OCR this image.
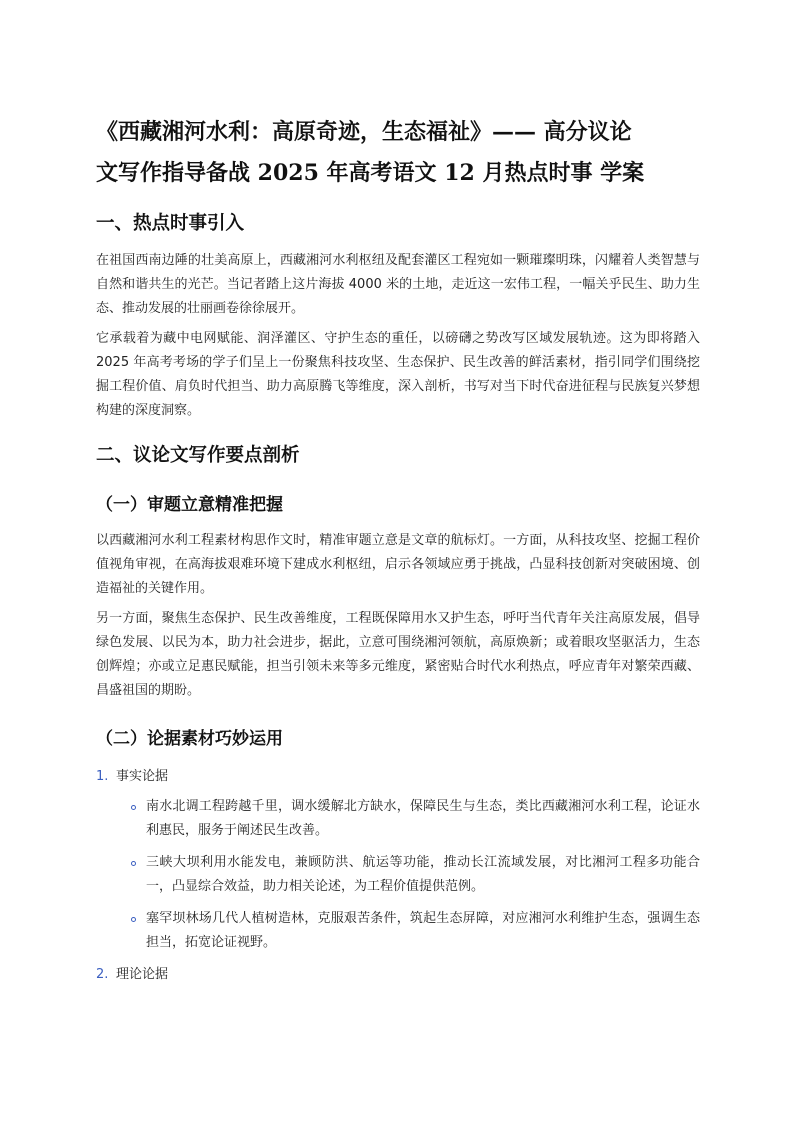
《西藏湘河水利：高原奇迹，生态福祉》—— 高分议论
文写作指导备战 2025 年高考语文 12 月热点时事 学案
一、热点时事引入

在祖国西南边陲的壮美高原上，西藏湘河水利枢纽及配套灌区工程宛如一颗璀璨明珠，闪耀着人类智慧与自然和谐共生的光芒。当记者踏上这片海拔 4000 米的土地，走近这一宏伟工程，一幅关乎民生、助力生态、推动发展的壮丽画卷徐徐展开。

它承载着为藏中电网赋能、润泽灌区、守护生态的重任，以磅礴之势改写区域发展轨迹。这为即将踏入 2025 年高考考场的学子们呈上一份聚焦科技攻坚、生态保护、民生改善的鲜活素材，指引同学们围绕挖掘工程价值、肩负时代担当、助力高原腾飞等维度，深入剖析，书写对当下时代奋进征程与民族复兴梦想构建的深度洞察。

二、议论文写作要点剖析
（一）审题立意精准把握

以西藏湘河水利工程素材构思作文时，精准审题立意是文章的航标灯。一方面，从科技攻坚、挖掘工程价值视角审视，在高海拔艰难环境下建成水利枢纽，启示各领域应勇于挑战，凸显科技创新对突破困境、创造福祉的关键作用。

另一方面，聚焦生态保护、民生改善维度，工程既保障用水又护生态，呼吁当代青年关注高原发展，倡导绿色发展、以民为本，助力社会进步，据此，立意可围绕湘河领航，高原焕新；或着眼攻坚驱活力，生态创辉煌；亦或立足惠民赋能，担当引领未来等多元维度，紧密贴合时代水利热点，呼应青年对繁荣西藏、昌盛祖国的期盼。

（二）论据素材巧妙运用
1. 事实论据
南水北调工程跨越千里，调水缓解北方缺水，保障民生与生态，类比西藏湘河水利工程，论证水利惠民，服务于阐述民生改善。
三峡大坝利用水能发电，兼顾防洪、航运等功能，推动长江流域发展，对比湘河工程多功能合一，凸显综合效益，助力相关论述，为工程价值提供范例。
塞罕坝林场几代人植树造林，克服艰苦条件，筑起生态屏障，对应湘河水利维护生态，强调生态担当，拓宽论证视野。
2. 理论论据
